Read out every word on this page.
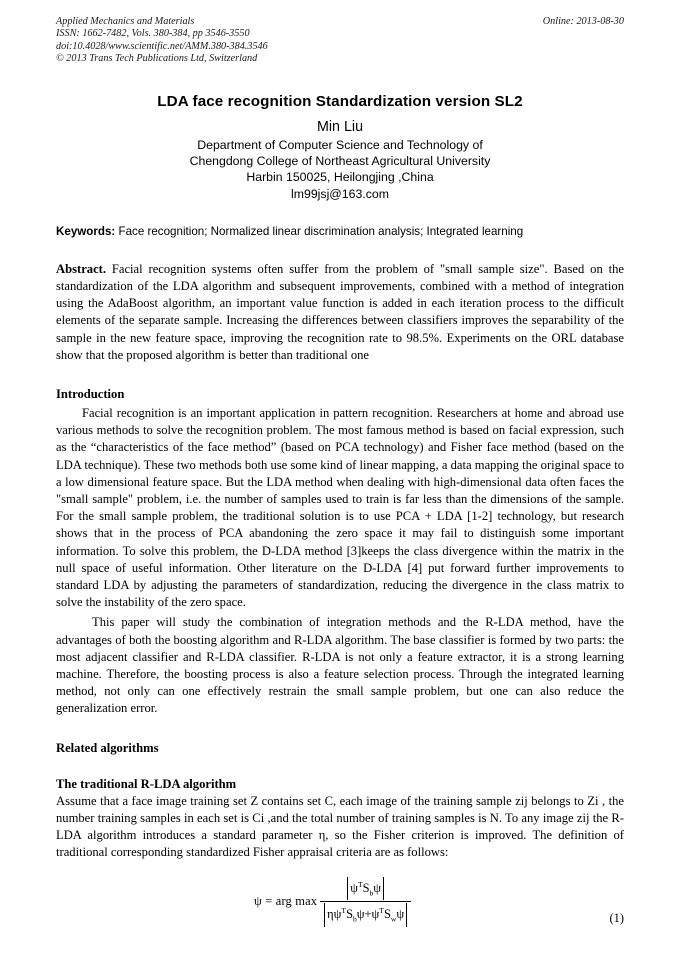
Online: 2013-08-30
Applied Mechanics and Materials
ISSN: 1662-7482, Vols. 380-384, pp 3546-3550
doi:10.4028/www.scientific.net/AMM.380-384.3546
© 2013 Trans Tech Publications Ltd, Switzerland
LDA face recognition Standardization version SL2
Min Liu
Department of Computer Science and Technology of
Chengdong College of Northeast Agricultural University
Harbin 150025, Heilongjing ,China
lm99jsj@163.com
Keywords: Face recognition; Normalized linear discrimination analysis; Integrated learning
Abstract. Facial recognition systems often suffer from the problem of "small sample size". Based on the standardization of the LDA algorithm and subsequent improvements, combined with a method of integration using the AdaBoost algorithm, an important value function is added in each iteration process to the difficult elements of the separate sample. Increasing the differences between classifiers improves the separability of the sample in the new feature space, improving the recognition rate to 98.5%. Experiments on the ORL database show that the proposed algorithm is better than traditional one
Introduction

Facial recognition is an important application in pattern recognition. Researchers at home and abroad use various methods to solve the recognition problem. The most famous method is based on facial expression, such as the “characteristics of the face method” (based on PCA technology) and Fisher face method (based on the LDA technique). These two methods both use some kind of linear mapping, a data mapping the original space to a low dimensional feature space. But the LDA method when dealing with high-dimensional data often faces the "small sample" problem, i.e. the number of samples used to train is far less than the dimensions of the sample. For the small sample problem, the traditional solution is to use PCA + LDA [1-2] technology, but research shows that in the process of PCA abandoning the zero space it may fail to distinguish some important information. To solve this problem, the D-LDA method [3]keeps the class divergence within the matrix in the null space of useful information. Other literature on the D-LDA [4] put forward further improvements to standard LDA by adjusting the parameters of standardization, reducing the divergence in the class matrix to solve the instability of the zero space.

This paper will study the combination of integration methods and the R-LDA method, have the advantages of both the boosting algorithm and R-LDA algorithm. The base classifier is formed by two parts: the most adjacent classifier and R-LDA classifier. R-LDA is not only a feature extractor, it is a strong learning machine. Therefore, the boosting process is also a feature selection process. Through the integrated learning method, not only can one effectively restrain the small sample problem, but one can also reduce the generalization error.

Related algorithms
The traditional R-LDA algorithm

Assume that a face image training set Z contains set C, each image of the training sample zij belongs to Zi , the number training samples in each set is Ci ,and the total number of training samples is N. To any image zij the R-LDA algorithm introduces a standard parameter η, so the Fisher criterion is improved. The definition of traditional corresponding standardized Fisher appraisal criteria are as follows:

ψ = arg $\max \frac{\psi^TS_b\psi}{\eta\psi^TS_b\psi+\psi^TS_w\psi}$	(1)
